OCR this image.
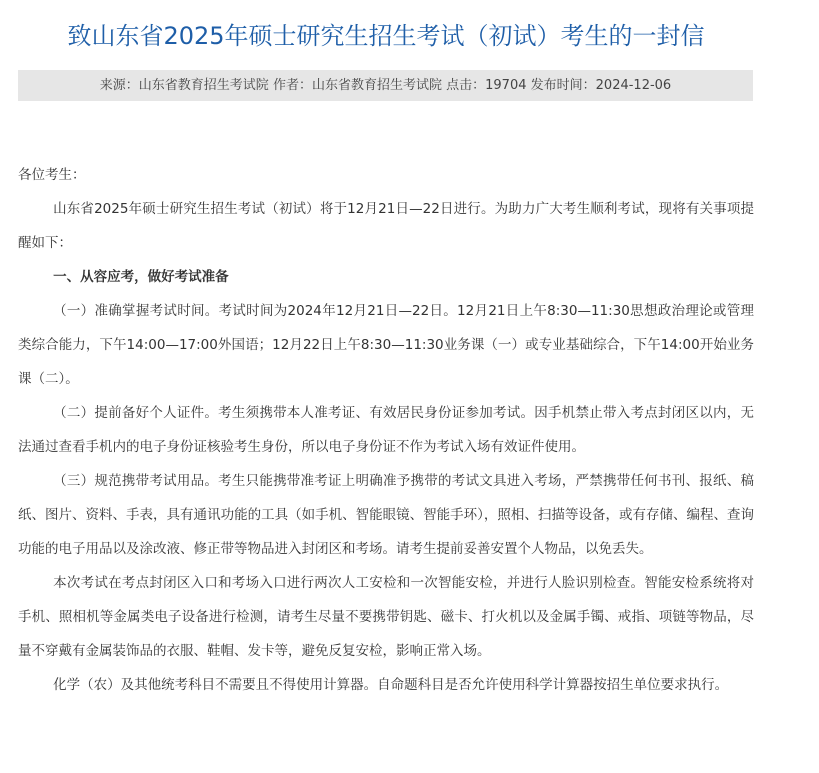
致山东省2025年硕士研究生招生考试（初试）考生的一封信
来源：山东省教育招生考试院 作者：山东省教育招生考试院 点击：19704 发布时间：2024-12-06

各位考生：

山东省2025年硕士研究生招生考试（初试）将于12月21日—22日进行。为助力广大考生顺利考试，现将有关事项提醒如下：

一、从容应考，做好考试准备

（一）准确掌握考试时间。考试时间为2024年12月21日—22日。12月21日上午8:30—11:30思想政治理论或管理类综合能力，下午14:00—17:00外国语；12月22日上午8:30—11:30业务课（一）或专业基础综合，下午14:00开始业务课（二）。

（二）提前备好个人证件。考生须携带本人准考证、有效居民身份证参加考试。因手机禁止带入考点封闭区以内，无法通过查看手机内的电子身份证核验考生身份，所以电子身份证不作为考试入场有效证件使用。

（三）规范携带考试用品。考生只能携带准考证上明确准予携带的考试文具进入考场，严禁携带任何书刊、报纸、稿纸、图片、资料、手表，具有通讯功能的工具（如手机、智能眼镜、智能手环），照相、扫描等设备，或有存储、编程、查询功能的电子用品以及涂改液、修正带等物品进入封闭区和考场。请考生提前妥善安置个人物品，以免丢失。

本次考试在考点封闭区入口和考场入口进行两次人工安检和一次智能安检，并进行人脸识别检查。智能安检系统将对手机、照相机等金属类电子设备进行检测，请考生尽量不要携带钥匙、磁卡、打火机以及金属手镯、戒指、项链等物品，尽量不穿戴有金属装饰品的衣服、鞋帽、发卡等，避免反复安检，影响正常入场。

化学（农）及其他统考科目不需要且不得使用计算器。自命题科目是否允许使用科学计算器按招生单位要求执行。
